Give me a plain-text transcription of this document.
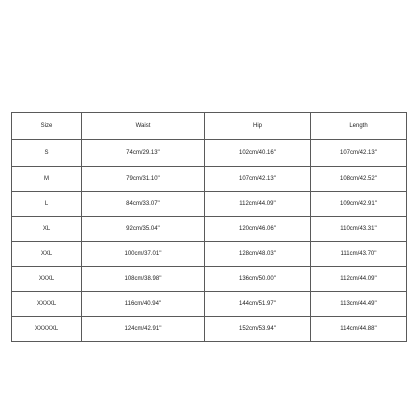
Size	Waist	Hip	Length
S	74cm/29.13''	102cm/40.16''	107cm/42.13''
M	79cm/31.10''	107cm/42.13''	108cm/42.52''
L	84cm/33.07''	112cm/44.09''	109cm/42.91''
XL	92cm/35.04''	120cm/46.06''	110cm/43.31''
XXL	100cm/37.01''	128cm/48.03''	111cm/43.70''
XXXL	108cm/38.98''	136cm/50.00''	112cm/44.09''
XXXXL	116cm/40.94''	144cm/51.97''	113cm/44.49''
XXXXXL	124cm/42.91''	152cm/53.94''	114cm/44.88''
